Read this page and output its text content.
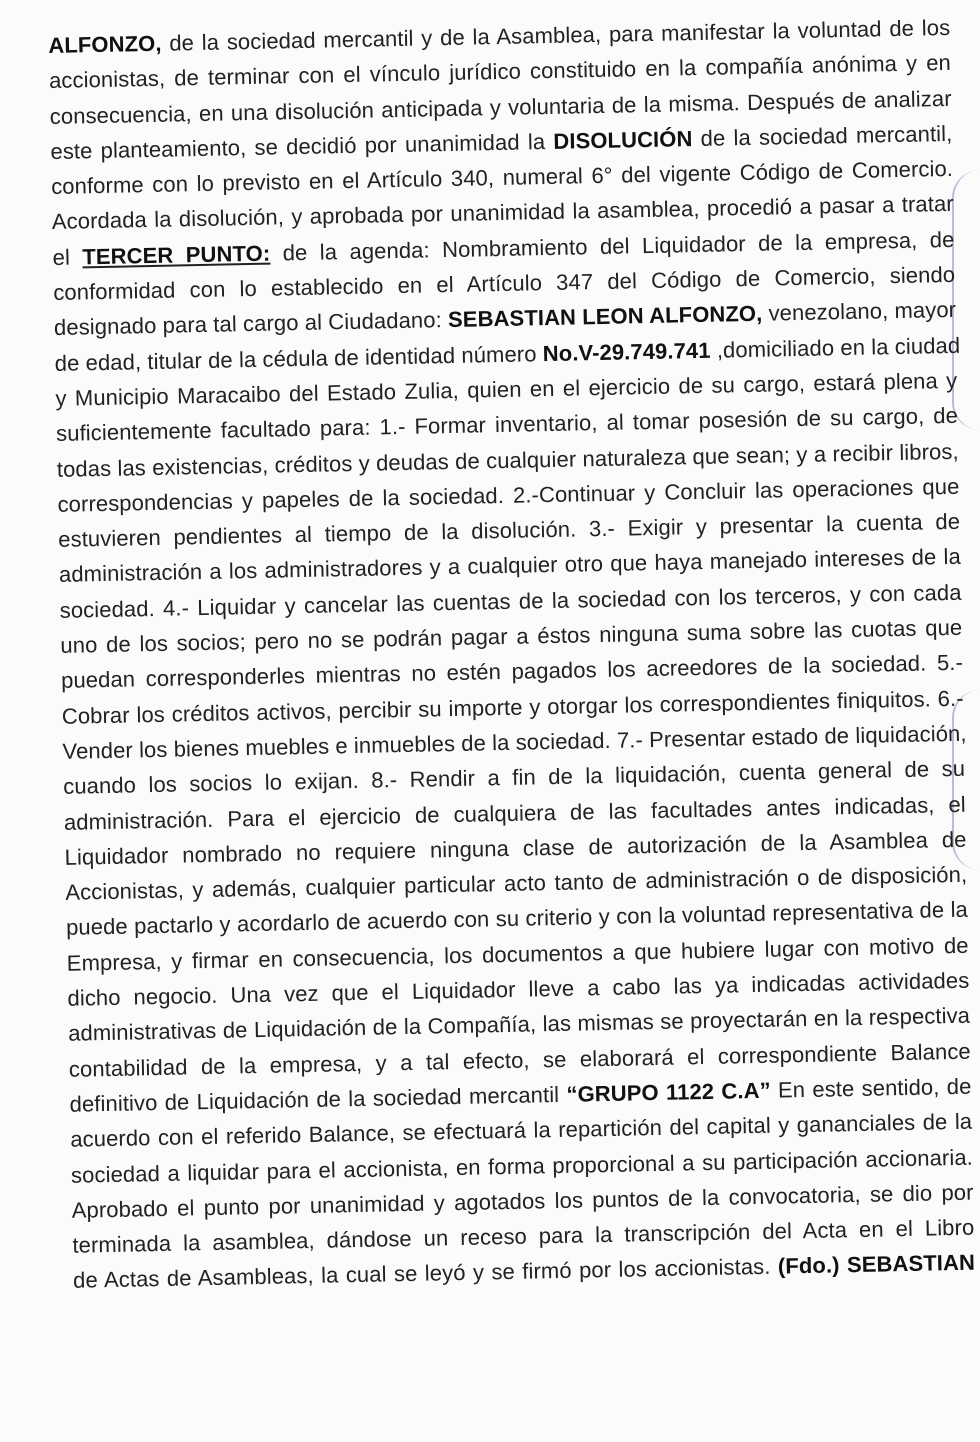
ALFONZO, de la sociedad mercantil y de la Asamblea, para manifestar la voluntad de los
accionistas, de terminar con el vínculo jurídico constituido en la compañía anónima y en
consecuencia, en una disolución anticipada y voluntaria de la misma. Después de analizar
este planteamiento, se decidió por unanimidad la DISOLUCIÓN de la sociedad mercantil,
conforme con lo previsto en el Artículo 340, numeral 6° del vigente Código de Comercio.
Acordada la disolución, y aprobada por unanimidad la asamblea, procedió a pasar a tratar
el TERCER PUNTO: de la agenda: Nombramiento del Liquidador de la empresa, de
conformidad con lo establecido en el Artículo 347 del Código de Comercio, siendo
designado para tal cargo al Ciudadano: SEBASTIAN LEON ALFONZO, venezolano, mayor
de edad, titular de la cédula de identidad número No.V-29.749.741 ,domiciliado en la ciudad
y Municipio Maracaibo del Estado Zulia, quien en el ejercicio de su cargo, estará plena y
suficientemente facultado para: 1.- Formar inventario, al tomar posesión de su cargo, de
todas las existencias, créditos y deudas de cualquier naturaleza que sean; y a recibir libros,
correspondencias y papeles de la sociedad. 2.-Continuar y Concluir las operaciones que
estuvieren pendientes al tiempo de la disolución. 3.- Exigir y presentar la cuenta de
administración a los administradores y a cualquier otro que haya manejado intereses de la
sociedad. 4.- Liquidar y cancelar las cuentas de la sociedad con los terceros, y con cada
uno de los socios; pero no se podrán pagar a éstos ninguna suma sobre las cuotas que
puedan corresponderles mientras no estén pagados los acreedores de la sociedad. 5.-
Cobrar los créditos activos, percibir su importe y otorgar los correspondientes finiquitos. 6.-
Vender los bienes muebles e inmuebles de la sociedad. 7.- Presentar estado de liquidación,
cuando los socios lo exijan. 8.- Rendir a fin de la liquidación, cuenta general de su
administración. Para el ejercicio de cualquiera de las facultades antes indicadas, el
Liquidador nombrado no requiere ninguna clase de autorización de la Asamblea de
Accionistas, y además, cualquier particular acto tanto de administración o de disposición,
puede pactarlo y acordarlo de acuerdo con su criterio y con la voluntad representativa de la
Empresa, y firmar en consecuencia, los documentos a que hubiere lugar con motivo de
dicho negocio. Una vez que el Liquidador lleve a cabo las ya indicadas actividades
administrativas de Liquidación de la Compañía, las mismas se proyectarán en la respectiva
contabilidad de la empresa, y a tal efecto, se elaborará el correspondiente Balance
definitivo de Liquidación de la sociedad mercantil “GRUPO 1122 C.A” En este sentido, de
acuerdo con el referido Balance, se efectuará la repartición del capital y gananciales de la
sociedad a liquidar para el accionista, en forma proporcional a su participación accionaria.
Aprobado el punto por unanimidad y agotados los puntos de la convocatoria, se dio por
terminada la asamblea, dándose un receso para la transcripción del Acta en el Libro
de Actas de Asambleas, la cual se leyó y se firmó por los accionistas. (Fdo.) SEBASTIAN
